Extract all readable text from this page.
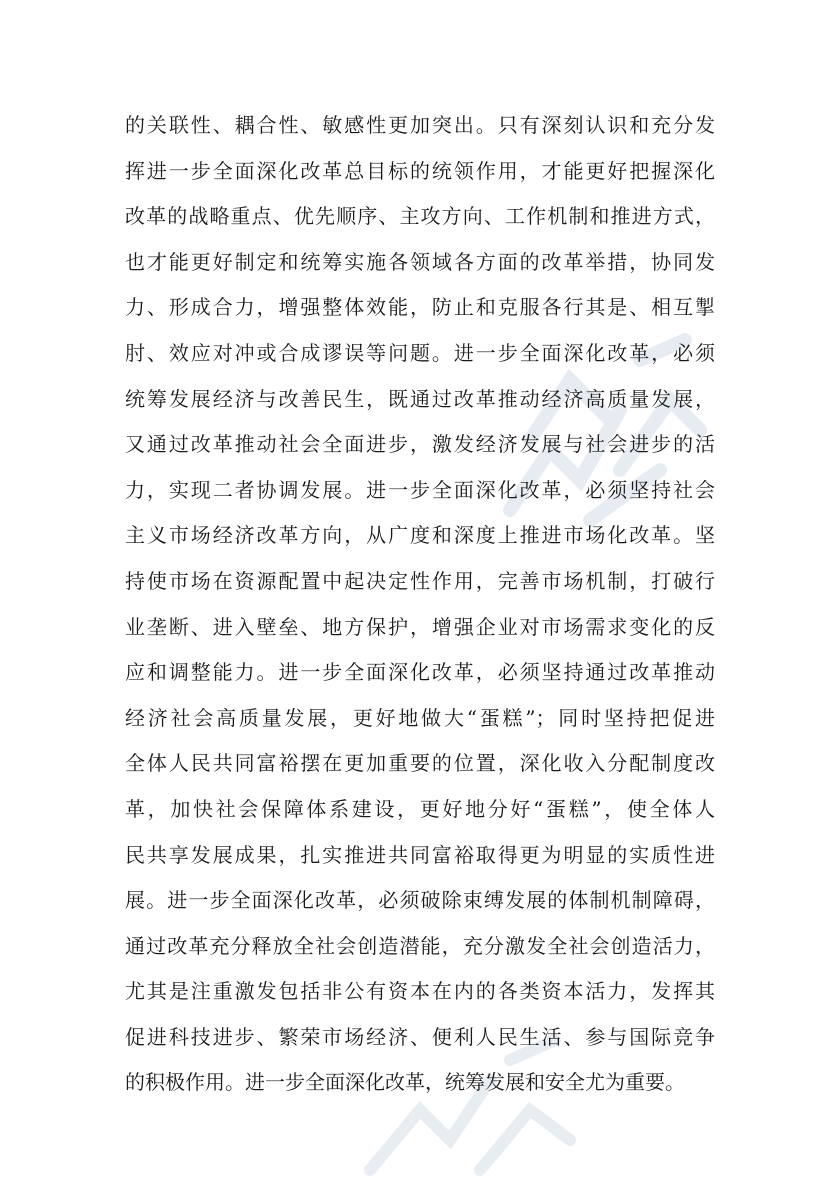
的关联性、耦合性、敏感性更加突出。只有深刻认识和充分发
挥进一步全面深化改革总目标的统领作用，才能更好把握深化
改革的战略重点、优先顺序、主攻方向、工作机制和推进方式，
也才能更好制定和统筹实施各领域各方面的改革举措，协同发
力、形成合力，增强整体效能，防止和克服各行其是、相互掣
肘、效应对冲或合成谬误等问题。进一步全面深化改革，必须
统筹发展经济与改善民生，既通过改革推动经济高质量发展，
又通过改革推动社会全面进步，激发经济发展与社会进步的活
力，实现二者协调发展。进一步全面深化改革，必须坚持社会
主义市场经济改革方向，从广度和深度上推进市场化改革。坚
持使市场在资源配置中起决定性作用，完善市场机制，打破行
业垄断、进入壁垒、地方保护，增强企业对市场需求变化的反
应和调整能力。进一步全面深化改革，必须坚持通过改革推动
经济社会高质量发展，更好地做大“蛋糕”；同时坚持把促进
全体人民共同富裕摆在更加重要的位置，深化收入分配制度改
革，加快社会保障体系建设，更好地分好“蛋糕”，使全体人
民共享发展成果，扎实推进共同富裕取得更为明显的实质性进
展。进一步全面深化改革，必须破除束缚发展的体制机制障碍，
通过改革充分释放全社会创造潜能，充分激发全社会创造活力，
尤其是注重激发包括非公有资本在内的各类资本活力，发挥其
促进科技进步、繁荣市场经济、便利人民生活、参与国际竞争
的积极作用。进一步全面深化改革，统筹发展和安全尤为重要。
